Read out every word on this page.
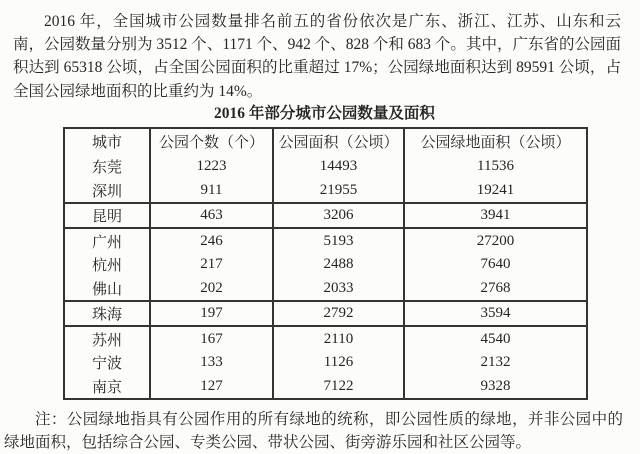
2016 年，全国城市公园数量排名前五的省份依次是广东、浙江、江苏、山东和云南，公园数量分别为 3512 个、1171 个、942 个、828 个和 683 个。其中，广东省的公园面积达到 65318 公顷，占全国公园面积的比重超过 17%；公园绿地面积达到 89591 公顷，占全国公园绿地面积的比重约为 14%。

2016 年部分城市公园数量及面积
城市	公园个数（个）	公园面积（公顷）	公园绿地面积（公顷）
东莞	1223	14493	11536
深圳	911	21955	19241
昆明	463	3206	3941
广州	246	5193	27200
杭州	217	2488	7640
佛山	202	2033	2768
珠海	197	2792	3594
苏州	167	2110	4540
宁波	133	1126	2132
南京	127	7122	9328

注：公园绿地指具有公园作用的所有绿地的统称，即公园性质的绿地，并非公园中的绿地面积，包括综合公园、专类公园、带状公园、街旁游乐园和社区公园等。
